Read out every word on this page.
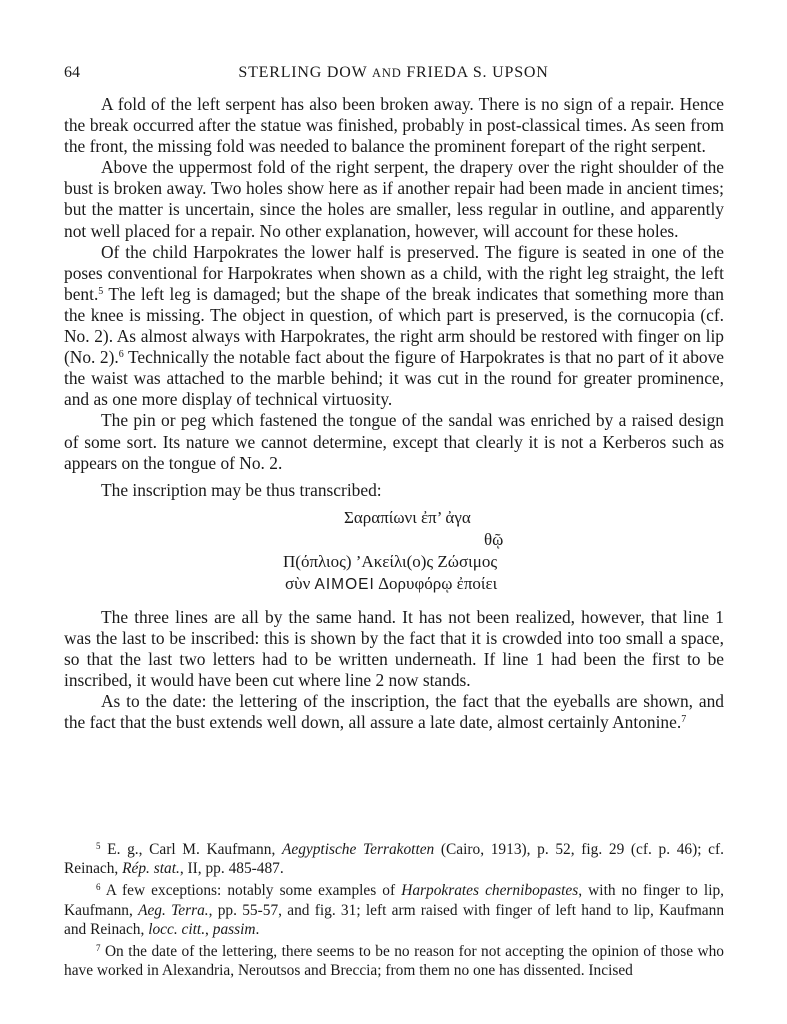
64	STERLING DOW AND FRIEDA S. UPSON

A fold of the left serpent has also been broken away. There is no sign of a repair. Hence the break occurred after the statue was finished, probably in post-classical times. As seen from the front, the missing fold was needed to balance the prominent forepart of the right serpent.

Above the uppermost fold of the right serpent, the drapery over the right shoulder of the bust is broken away. Two holes show here as if another repair had been made in ancient times; but the matter is uncertain, since the holes are smaller, less regular in outline, and apparently not well placed for a repair. No other explanation, however, will account for these holes.

Of the child Harpokrates the lower half is preserved. The figure is seated in one of the poses conventional for Harpokrates when shown as a child, with the right leg straight, the left bent.$^5$ The left leg is damaged; but the shape of the break indicates that something more than the knee is missing. The object in question, of which part is preserved, is the cornucopia (cf. No. 2). As almost always with Harpokrates, the right arm should be restored with finger on lip (No. 2).$^6$ Technically the notable fact about the figure of Harpokrates is that no part of it above the waist was attached to the marble behind; it was cut in the round for greater prominence, and as one more display of technical virtuosity.

The pin or peg which fastened the tongue of the sandal was enriched by a raised design of some sort. Its nature we cannot determine, except that clearly it is not a Kerberos such as appears on the tongue of No. 2.

The inscription may be thus transcribed:

Σαραπίωνι ἐπ’ ἀγα
θῷ
Π(όπλιος) ’Ακείλι(ο)ς Ζώσιμος
σὺν ΑΙΜΟΕΙ Δορυφόρῳ ἐποίει

The three lines are all by the same hand. It has not been realized, however, that line 1 was the last to be inscribed: this is shown by the fact that it is crowded into too small a space, so that the last two letters had to be written underneath. If line 1 had been the first to be inscribed, it would have been cut where line 2 now stands.

As to the date: the lettering of the inscription, the fact that the eyeballs are shown, and the fact that the bust extends well down, all assure a late date, almost certainly Antonine.$^7$

$^5$ E. g., Carl M. Kaufmann, Aegyptische Terrakotten (Cairo, 1913), p. 52, fig. 29 (cf. p. 46); cf. Reinach, Rép. stat., II, pp. 485-487.

$^6$ A few exceptions: notably some examples of Harpokrates chernibopastes, with no finger to lip, Kaufmann, Aeg. Terra., pp. 55-57, and fig. 31; left arm raised with finger of left hand to lip, Kaufmann and Reinach, locc. citt., passim.

$^7$ On the date of the lettering, there seems to be no reason for not accepting the opinion of those who have worked in Alexandria, Neroutsos and Breccia; from them no one has dissented. Incised
